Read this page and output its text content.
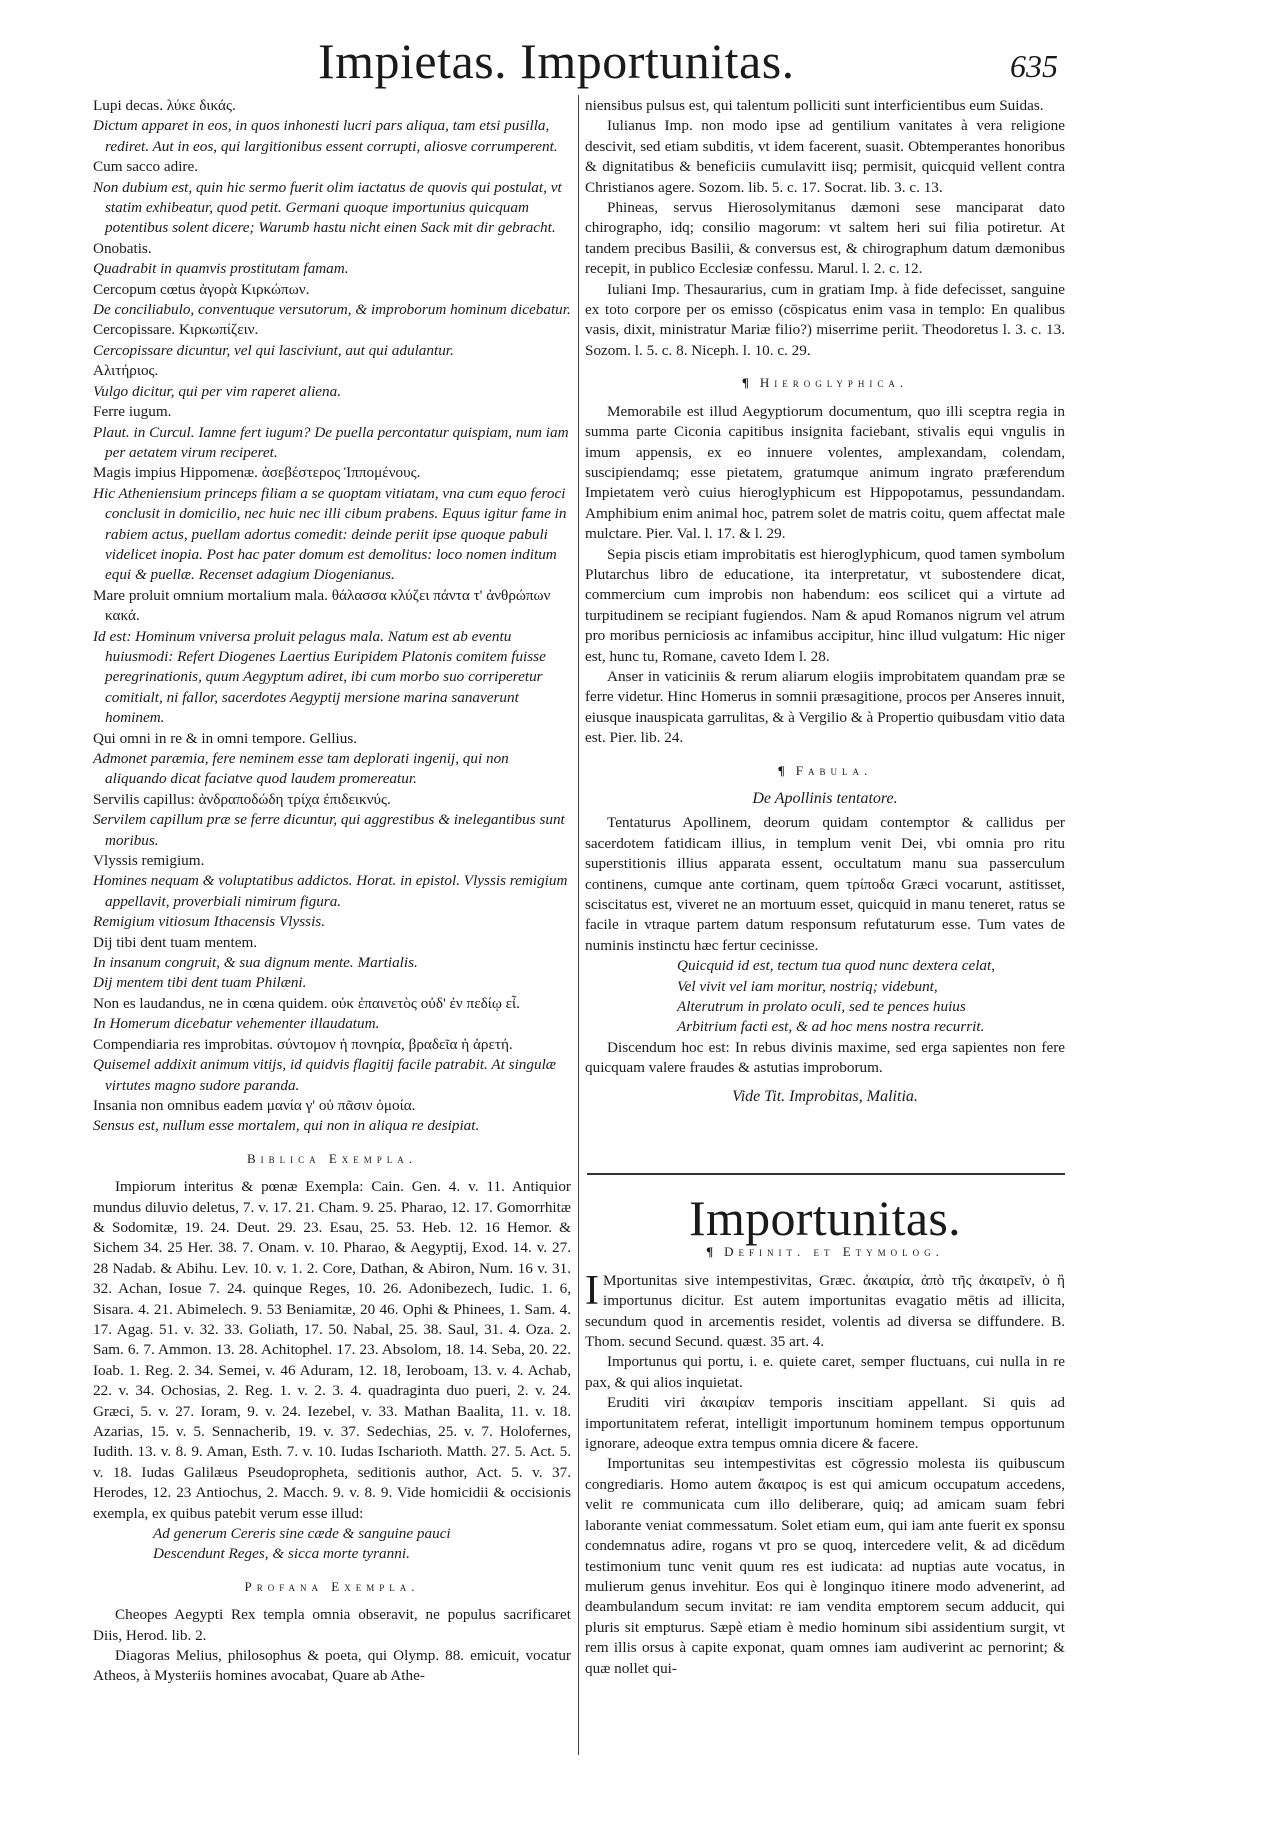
Impietas. Importunitas.	635
Lupi decas. λύκε δικάς.
Dictum apparet in eos, in quos inhonesti lucri pars aliqua, tam etsi pusilla, rediret. Aut in eos, qui largitionibus essent corrupti, aliosve corrumperent.
Cum sacco adire.
Non dubium est, quin hic sermo fuerit olim iactatus de quovis qui postulat, vt statim exhibeatur, quod petit. Germani quoque importunius quicquam potentibus solent dicere; Warumb hastu nicht einen Sack mit dir gebracht.
Onobatis.
Quadrabit in quamvis prostitutam famam.
Cercopum cœtus ἀγορὰ Κιρκώπων.
De conciliabulo, conventuque versutorum, & improborum hominum dicebatur.
Cercopissare. Κιρκωπίζειν.
Cercopissare dicuntur, vel qui lasciviunt, aut qui adulantur.
Αλιτήριος.
Vulgo dicitur, qui per vim raperet aliena.
Ferre iugum.
Plaut. in Curcul. Iamne fert iugum? De puella percontatur quispiam, num iam per aetatem virum reciperet.
Magis impius Hippomenæ. ἀσεβέστερος Ἱππομένους.
Hic Atheniensium princeps filiam a se quoptam vitiatam, vna cum equo feroci conclusit in domicilio, nec huic nec illi cibum prabens. Equus igitur fame in rabiem actus, puellam adortus comedit: deinde periit ipse quoque pabuli videlicet inopia. Post hac pater domum est demolitus: loco nomen inditum equi & puellæ. Recenset adagium Diogenianus.
Mare proluit omnium mortalium mala. θάλασσα κλύζει πάντα τ' ἀνθρώπων κακά.
Id est: Hominum vniversa proluit pelagus mala. Natum est ab eventu huiusmodi: Refert Diogenes Laertius Euripidem Platonis comitem fuisse peregrinationis, quum Aegyptum adiret, ibi cum morbo suo corriperetur comitialt, ni fallor, sacerdotes Aegyptij mersione marina sanaverunt hominem.
Qui omni in re & in omni tempore. Gellius.
Admonet paræmia, fere neminem esse tam deplorati ingenij, qui non aliquando dicat faciatve quod laudem promereatur.
Servilis capillus: ἀνδραποδώδη τρίχα ἐπιδεικνύς.
Servilem capillum præ se ferre dicuntur, qui aggrestibus & inelegantibus sunt moribus.
Vlyssis remigium.
Homines nequam & voluptatibus addictos. Horat. in epistol. Vlyssis remigium appellavit, proverbiali nimirum figura.
Remigium vitiosum Ithacensis Vlyssis.
Dij tibi dent tuam mentem.
In insanum congruit, & sua dignum mente. Martialis.
Dij mentem tibi dent tuam Philæni.
Non es laudandus, ne in cœna quidem. οὐκ ἐπαινετὸς οὐδ' ἐν πεδίῳ εἶ.
In Homerum dicebatur vehementer illaudatum.
Compendiaria res improbitas. σύντομον ἡ πονηρία, βραδεῖα ἡ ἀρετή.
Quisemel addixit animum vitijs, id quidvis flagitij facile patrabit. At singulæ virtutes magno sudore paranda.
Insania non omnibus eadem μανία γ' οὐ πᾶσιν ὁμοία.
Sensus est, nullum esse mortalem, qui non in aliqua re desipiat.
Biblica Exempla.

Impiorum interitus & pœnæ Exempla: Cain. Gen. 4. v. 11. Antiquior mundus diluvio deletus, 7. v. 17. 21. Cham. 9. 25. Pharao, 12. 17. Gomorrhitæ & Sodomitæ, 19. 24. Deut. 29. 23. Esau, 25. 53. Heb. 12. 16 Hemor. & Sichem 34. 25 Her. 38. 7. Onam. v. 10. Pharao, & Aegyptij, Exod. 14. v. 27. 28 Nadab. & Abihu. Lev. 10. v. 1. 2. Core, Dathan, & Abiron, Num. 16 v. 31. 32. Achan, Iosue 7. 24. quinque Reges, 10. 26. Adonibezech, Iudic. 1. 6, Sisara. 4. 21. Abimelech. 9. 53 Beniamitæ, 20 46. Ophi & Phinees, 1. Sam. 4. 17. Agag. 51. v. 32. 33. Goliath, 17. 50. Nabal, 25. 38. Saul, 31. 4. Oza. 2. Sam. 6. 7. Ammon. 13. 28. Achitophel. 17. 23. Absolom, 18. 14. Seba, 20. 22. Ioab. 1. Reg. 2. 34. Semei, v. 46 Aduram, 12. 18, Ieroboam, 13. v. 4. Achab, 22. v. 34. Ochosias, 2. Reg. 1. v. 2. 3. 4. quadraginta duo pueri, 2. v. 24. Græci, 5. v. 27. Ioram, 9. v. 24. Iezebel, v. 33. Mathan Baalita, 11. v. 18. Azarias, 15. v. 5. Sennacherib, 19. v. 37. Sedechias, 25. v. 7. Holofernes, Iudith. 13. v. 8. 9. Aman, Esth. 7. v. 10. Iudas Ischarioth. Matth. 27. 5. Act. 5. v. 18. Iudas Galilæus Pseudopropheta, seditionis author, Act. 5. v. 37. Herodes, 12. 23 Antiochus, 2. Macch. 9. v. 8. 9. Vide homicidii & occisionis exempla, ex quibus patebit verum esse illud:

Ad generum Cereris sine cæde & sanguine pauci

Descendunt Reges, & sicca morte tyranni.

Profana Exempla.

Cheopes Aegypti Rex templa omnia obseravit, ne populus sacrificaret Diis, Herod. lib. 2.

Diagoras Melius, philosophus & poeta, qui Olymp. 88. emicuit, vocatur Atheos, à Mysteriis homines avocabat, Quare ab Athe-

niensibus pulsus est, qui talentum polliciti sunt interficientibus eum Suidas.

Iulianus Imp. non modo ipse ad gentilium vanitates à vera religione descivit, sed etiam subditis, vt idem facerent, suasit. Obtemperantes honoribus & dignitatibus & beneficiis cumulavitt iisq; permisit, quicquid vellent contra Christianos agere. Sozom. lib. 5. c. 17. Socrat. lib. 3. c. 13.

Phineas, servus Hierosolymitanus dæmoni sese manciparat dato chirographo, idq; consilio magorum: vt saltem heri sui filia potiretur. At tandem precibus Basilii, & conversus est, & chirographum datum dæmonibus recepit, in publico Ecclesiæ confessu. Marul. l. 2. c. 12.

Iuliani Imp. Thesaurarius, cum in gratiam Imp. à fide defecisset, sanguine ex toto corpore per os emisso (cōspicatus enim vasa in templo: En qualibus vasis, dixit, ministratur Mariæ filio?) miserrime periit. Theodoretus l. 3. c. 13. Sozom. l. 5. c. 8. Niceph. l. 10. c. 29.

¶ Hieroglyphica.

Memorabile est illud Aegyptiorum documentum, quo illi sceptra regia in summa parte Ciconia capitibus insignita faciebant, stivalis equi vngulis in imum appensis, ex eo innuere volentes, amplexandam, colendam, suscipiendamq; esse pietatem, gratumque animum ingrato præferendum Impietatem verò cuius hieroglyphicum est Hippopotamus, pessundandam. Amphibium enim animal hoc, patrem solet de matris coitu, quem affectat male mulctare. Pier. Val. l. 17. & l. 29.

Sepia piscis etiam improbitatis est hieroglyphicum, quod tamen symbolum Plutarchus libro de educatione, ita interpretatur, vt subostendere dicat, commercium cum improbis non habendum: eos scilicet qui a virtute ad turpitudinem se recipiant fugiendos. Nam & apud Romanos nigrum vel atrum pro moribus perniciosis ac infamibus accipitur, hinc illud vulgatum: Hic niger est, hunc tu, Romane, caveto Idem l. 28.

Anser in vaticiniis & rerum aliarum elogiis improbitatem quandam præ se ferre videtur. Hinc Homerus in somnii præsagitione, procos per Anseres innuit, eiusque inauspicata garrulitas, & à Vergilio & à Propertio quibusdam vitio data est. Pier. lib. 24.

¶ Fabula.
De Apollinis tentatore.

Tentaturus Apollinem, deorum quidam contemptor & callidus per sacerdotem fatidicam illius, in templum venit Dei, vbi omnia pro ritu superstitionis illius apparata essent, occultatum manu sua passerculum continens, cumque ante cortinam, quem τρίποδα Græci vocarunt, astitisset, sciscitatus est, viveret ne an mortuum esset, quicquid in manu teneret, ratus se facile in vtraque partem datum responsum refutaturum esse. Tum vates de numinis instinctu hæc fertur cecinisse.

Quicquid id est, tectum tua quod nunc dextera celat,

Vel vivit vel iam moritur, nostriq; videbunt,

Alterutrum in prolato oculi, sed te pences huius

Arbitrium facti est, & ad hoc mens nostra recurrit.

Discendum hoc est: In rebus divinis maxime, sed erga sapientes non fere quicquam valere fraudes & astutias improborum.

Vide Tit. Improbitas, Malitia.
Importunitas.
¶ Definit. et Etymolog.

I Mportunitas sive intempestivitas, Græc. ἀκαιρία, ἀπὸ τῆς ἀκαιρεῖν, ὁ ἢ importunus dicitur. Est autem importunitas evagatio mētis ad illicita, secundum quod in arcementis residet, volentis ad diversa se diffundere. B. Thom. secund Secund. quæst. 35 art. 4.

Importunus qui portu, i. e. quiete caret, semper fluctuans, cui nulla in re pax, & qui alios inquietat.

Eruditi viri ἀκαιρίαν temporis inscitiam appellant. Si quis ad importunitatem referat, intelligit importunum hominem tempus opportunum ignorare, adeoque extra tempus omnia dicere & facere.

Importunitas seu intempestivitas est cōgressio molesta iis quibuscum congrediaris. Homo autem ἄκαιρος is est qui amicum occupatum accedens, velit re communicata cum illo deliberare, quiq; ad amicam suam febri laborante veniat commessatum. Solet etiam eum, qui iam ante fuerit ex sponsu condemnatus adire, rogans vt pro se quoq, intercedere velit, & ad dicēdum testimonium tunc venit quum res est iudicata: ad nuptias aute vocatus, in mulierum genus invehitur. Eos qui è longinquo itinere modo advenerint, ad deambulandum secum invitat: re iam vendita emptorem secum adducit, qui pluris sit empturus. Sæpè etiam è medio hominum sibi assidentium surgit, vt rem illis orsus à capite exponat, quam omnes iam audiverint ac pernorint; & quæ nollet qui-
